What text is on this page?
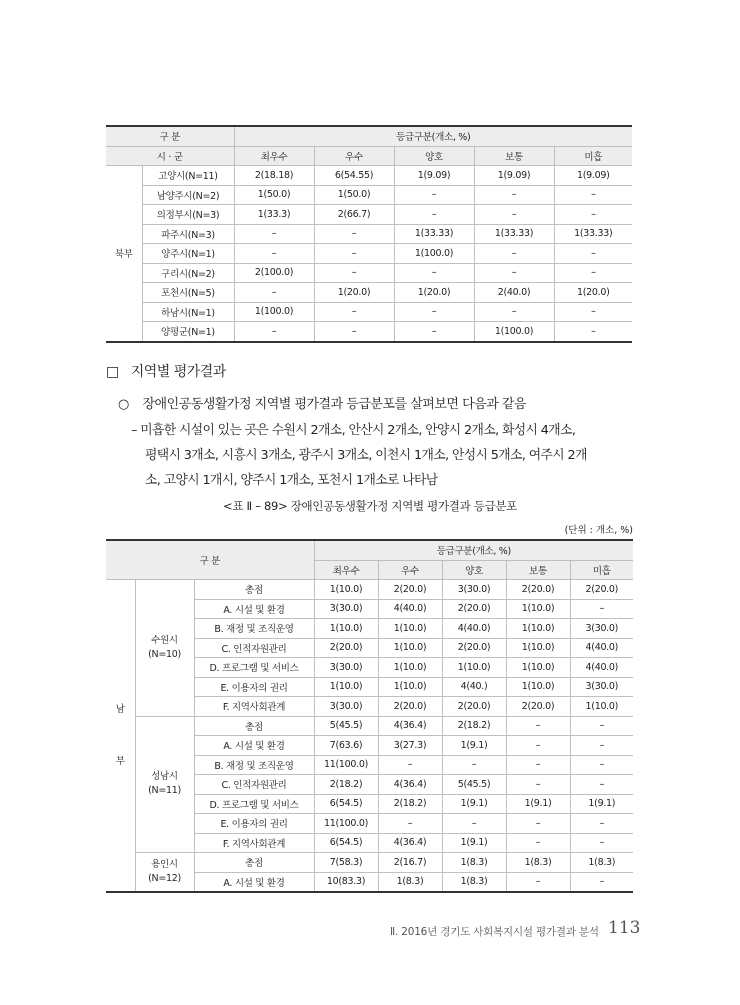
구 분		등급구분(개소, %)				
시 · 군		최우수	우수	양호	보통	미흡
북부	고양시(N=11)	2(18.18)	6(54.55)	1(9.09)	1(9.09)	1(9.09)
	남양주시(N=2)	1(50.0)	1(50.0)	–	–	–
	의정부시(N=3)	1(33.3)	2(66.7)	–	–	–
	파주시(N=3)	–	–	1(33.33)	1(33.33)	1(33.33)
	양주시(N=1)	–	–	1(100.0)	–	–
	구리시(N=2)	2(100.0)	–	–	–	–
	포천시(N=5)	–	1(20.0)	1(20.0)	2(40.0)	1(20.0)
	하남시(N=1)	1(100.0)	–	–	–	–
	양평군(N=1)	–	–	–	1(100.0)	–
□ 지역별 평가결과
○ 장애인공동생활가정 지역별 평가결과 등급분포를 살펴보면 다음과 같음
– 미흡한 시설이 있는 곳은 수원시 2개소, 안산시 2개소, 안양시 2개소, 화성시 4개소,
평택시 3개소, 시흥시 3개소, 광주시 3개소, 이천시 1개소, 안성시 5개소, 여주시 2개
소, 고양시 1개시, 양주시 1개소, 포천시 1개소로 나타남
<표 Ⅱ – 89> 장애인공동생활가정 지역별 평가결과 등급분포
(단위 : 개소, %)
구 분			등급구분(개소, %)				
			최우수	우수	양호	보통	미흡
남

부	수원시
(N=10)	총점	1(10.0)	2(20.0)	3(30.0)	2(20.0)	2(20.0)
		A. 시설 및 환경	3(30.0)	4(40.0)	2(20.0)	1(10.0)	–
		B. 재정 및 조직운영	1(10.0)	1(10.0)	4(40.0)	1(10.0)	3(30.0)
		C. 인적자원관리	2(20.0)	1(10.0)	2(20.0)	1(10.0)	4(40.0)
		D. 프로그램 및 서비스	3(30.0)	1(10.0)	1(10.0)	1(10.0)	4(40.0)
		E. 이용자의 권리	1(10.0)	1(10.0)	4(40.)	1(10.0)	3(30.0)
		F. 지역사회관계	3(30.0)	2(20.0)	2(20.0)	2(20.0)	1(10.0)
	성남시
(N=11)	총점	5(45.5)	4(36.4)	2(18.2)	–	–
		A. 시설 및 환경	7(63.6)	3(27.3)	1(9.1)	–	–
		B. 재정 및 조직운영	11(100.0)	–	–	–	–
		C. 인적자원관리	2(18.2)	4(36.4)	5(45.5)	–	–
		D. 프로그램 및 서비스	6(54.5)	2(18.2)	1(9.1)	1(9.1)	1(9.1)
		E. 이용자의 권리	11(100.0)	–	–	–	–
		F. 지역사회관계	6(54.5)	4(36.4)	1(9.1)	–	–
	용인시
(N=12)	총점	7(58.3)	2(16.7)	1(8.3)	1(8.3)	1(8.3)
		A. 시설 및 환경	10(83.3)	1(8.3)	1(8.3)	–	–
Ⅱ. 2016년 경기도 사회복지시설 평가결과 분석 113
